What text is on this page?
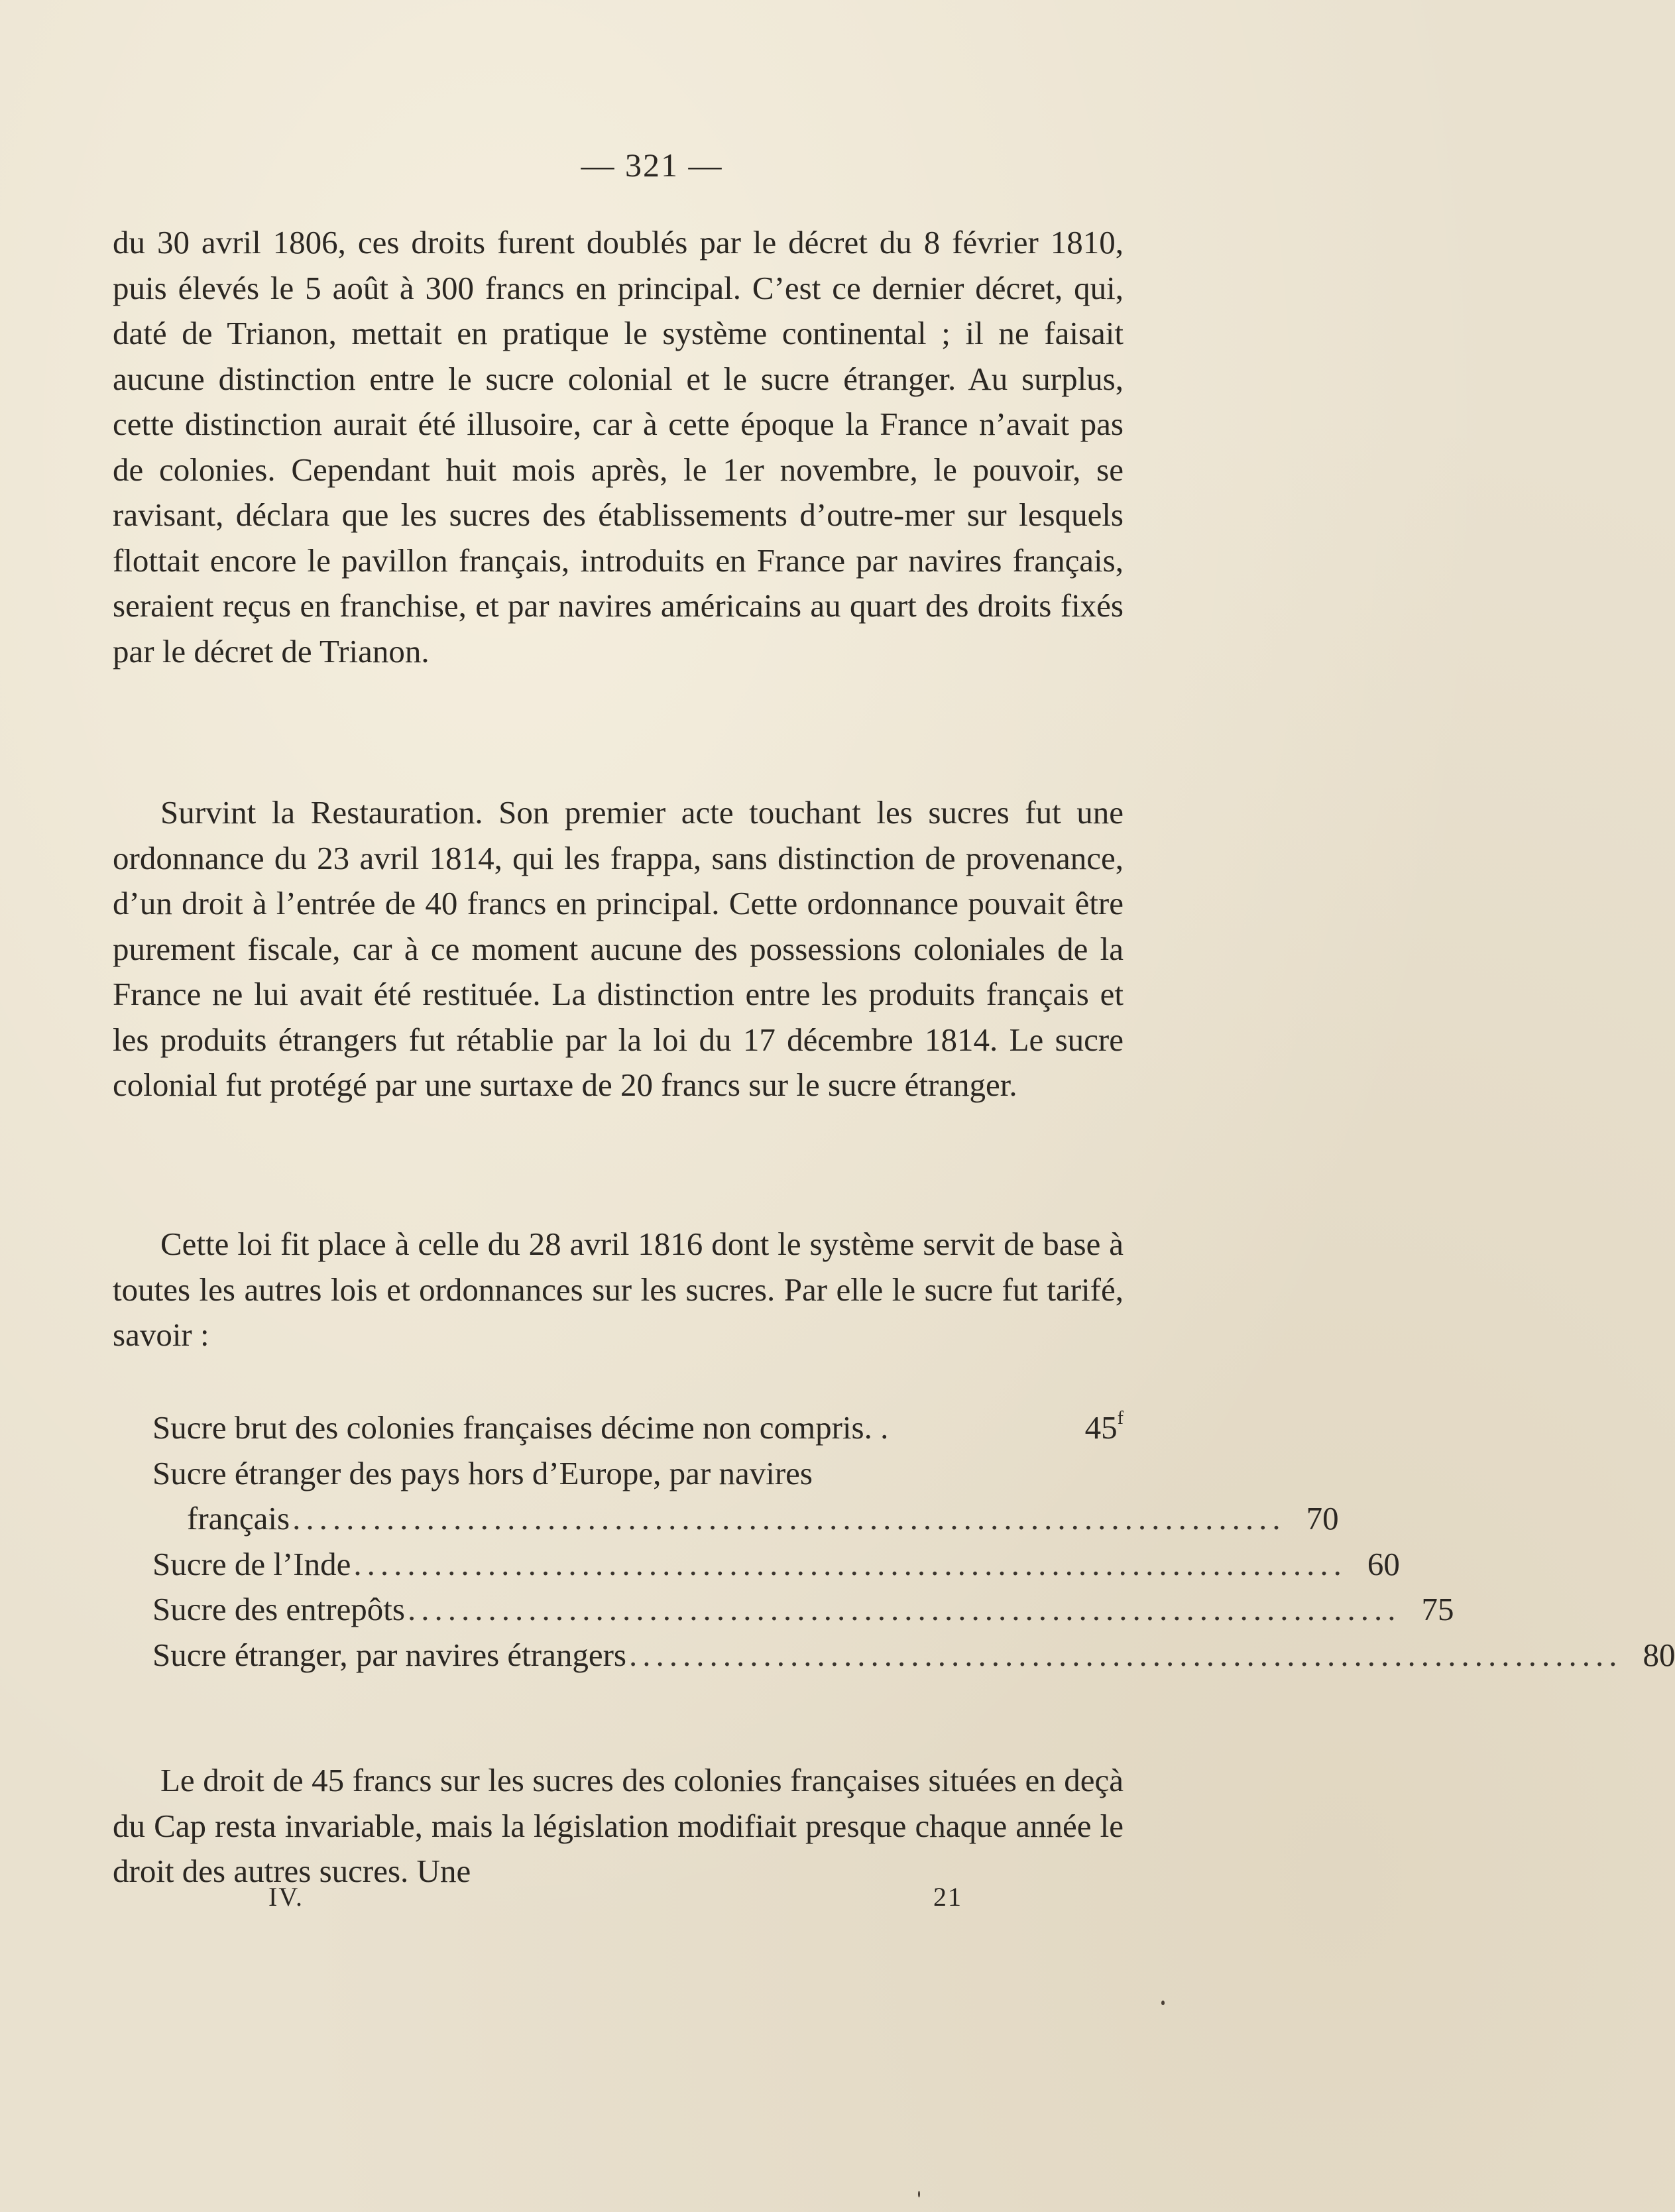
— 321 —

du 30 avril 1806, ces droits furent doublés par le décret du 8 février 1810, puis élevés le 5 août à 300 francs en principal. C’est ce dernier décret, qui, daté de Trianon, mettait en pratique le système continental ; il ne faisait aucune distinction entre le sucre colonial et le sucre étranger. Au surplus, cette distinction aurait été illusoire, car à cette époque la France n’avait pas de colonies. Cependant huit mois après, le 1er novembre, le pouvoir, se ravisant, déclara que les sucres des établissements d’outre-mer sur lesquels flottait encore le pavillon français, introduits en France par navires français, seraient reçus en franchise, et par navires américains au quart des droits fixés par le décret de Trianon.

Survint la Restauration. Son premier acte touchant les sucres fut une ordonnance du 23 avril 1814, qui les frappa, sans distinction de provenance, d’un droit à l’entrée de 40 francs en principal. Cette ordonnance pouvait être purement fiscale, car à ce moment aucune des possessions coloniales de la France ne lui avait été restituée. La distinction entre les produits français et les produits étrangers fut rétablie par la loi du 17 décembre 1814. Le sucre colonial fut protégé par une surtaxe de 20 francs sur le sucre étranger.

Cette loi fit place à celle du 28 avril 1816 dont le système servit de base à toutes les autres lois et ordonnances sur les sucres. Par elle le sucre fut tarifé, savoir :

Sucre brut des colonies françaises décime non compris. .	45$^f$
Sucre étranger des pays hors d’Europe, par navires
français .......................................................................... 70
Sucre de l’Inde .......................................................................... 60
Sucre des entrepôts .......................................................................... 75
Sucre étranger, par navires étrangers .......................................................................... 80

Le droit de 45 francs sur les sucres des colonies françaises situées en deçà du Cap resta invariable, mais la législation modifiait presque chaque année le droit des autres sucres. Une

IV.	21
